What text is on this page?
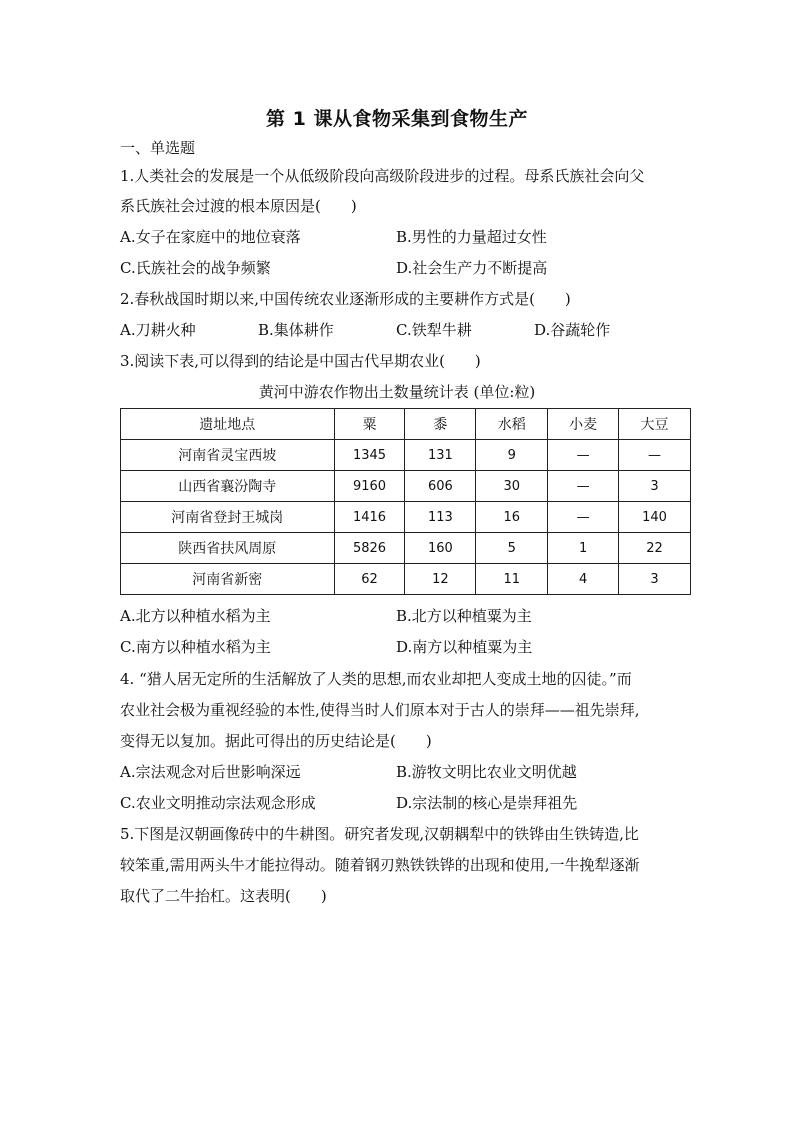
第 1 课从食物采集到食物生产
一、单选题
1.人类社会的发展是一个从低级阶段向高级阶段进步的过程。母系氏族社会向父
系氏族社会过渡的根本原因是(　　)
A.女子在家庭中的地位衰落	B.男性的力量超过女性
C.氏族社会的战争频繁	D.社会生产力不断提高
2.春秋战国时期以来,中国传统农业逐渐形成的主要耕作方式是(　　)
A.刀耕火种	B.集体耕作	C.铁犁牛耕	D.谷蔬轮作
3.阅读下表,可以得到的结论是中国古代早期农业(　　)
黄河中游农作物出土数量统计表 (单位:粒)
遗址地点	粟	黍	水稻	小麦	大豆
河南省灵宝西坡	1345	131	9	—	—
山西省襄汾陶寺	9160	606	30	—	3
河南省登封王城岗	1416	113	16	—	140
陕西省扶风周原	5826	160	5	1	22
河南省新密	62	12	11	4	3
A.北方以种植水稻为主	B.北方以种植粟为主
C.南方以种植水稻为主	D.南方以种植粟为主
4. “猎人居无定所的生活解放了人类的思想,而农业却把人变成土地的囚徒。”而
农业社会极为重视经验的本性,使得当时人们原本对于古人的崇拜——祖先崇拜,
变得无以复加。据此可得出的历史结论是(　　)
A.宗法观念对后世影响深远	B.游牧文明比农业文明优越
C.农业文明推动宗法观念形成	D.宗法制的核心是崇拜祖先
5.下图是汉朝画像砖中的牛耕图。研究者发现,汉朝耦犁中的铁铧由生铁铸造,比
较笨重,需用两头牛才能拉得动。随着钢刃熟铁铁铧的出现和使用,一牛挽犁逐渐
取代了二牛抬杠。这表明(　　)
